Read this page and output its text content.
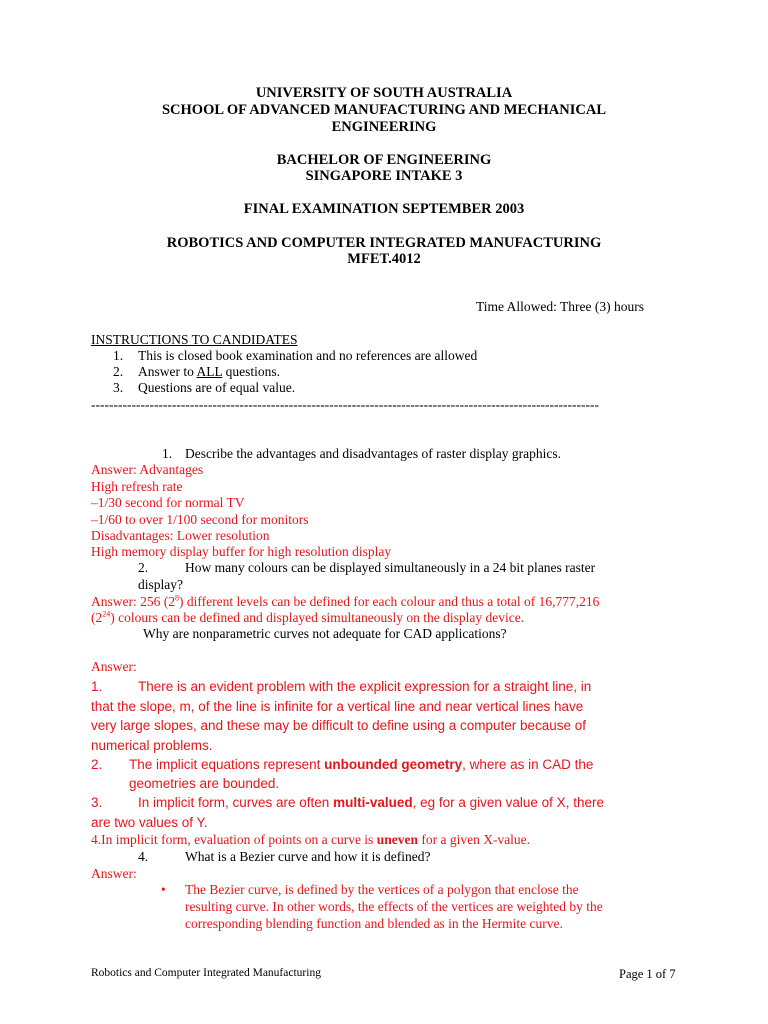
UNIVERSITY OF SOUTH AUSTRALIA
SCHOOL OF ADVANCED MANUFACTURING AND MECHANICAL
ENGINEERING
BACHELOR OF ENGINEERING
SINGAPORE INTAKE 3
FINAL EXAMINATION SEPTEMBER 2003
ROBOTICS AND COMPUTER INTEGRATED MANUFACTURING
MFET.4012
Time Allowed: Three (3) hours
INSTRUCTIONS TO CANDIDATES
1. This is closed book examination and no references are allowed
2. Answer to ALL questions.
3. Questions are of equal value.
-----------------------------------------------------------------------------------------------------------------
1. Describe the advantages and disadvantages of raster display graphics.
Answer: Advantages
High refresh rate
–1/30 second for normal TV
–1/60 to over 1/100 second for monitors
Disadvantages: Lower resolution
High memory display buffer for high resolution display
2.	How many colours can be displayed simultaneously in a 24 bit planes raster
display?
Answer: 256 $(2^8)$ different levels can be defined for each colour and thus a total of 16,777,216
$(2^{24})$ colours can be defined and displayed simultaneously on the display device.
Why are nonparametric curves not adequate for CAD applications?
Answer:
1.	There is an evident problem with the explicit expression for a straight line, in
that the slope, m, of the line is infinite for a vertical line and near vertical lines have
very large slopes, and these may be difficult to define using a computer because of
numerical problems.
2. The implicit equations represent unbounded geometry, where as in CAD the
geometries are bounded.
3.	In implicit form, curves are often multi-valued, eg for a given value of X, there
are two values of Y.
4.In implicit form, evaluation of points on a curve is uneven for a given X-value.
4.	What is a Bezier curve and how it is defined?
Answer:
• The Bezier curve, is defined by the vertices of a polygon that enclose the
resulting curve. In other words, the effects of the vertices are weighted by the
corresponding blending function and blended as in the Hermite curve.
Robotics and Computer Integrated Manufacturing	Page 1 of 7
